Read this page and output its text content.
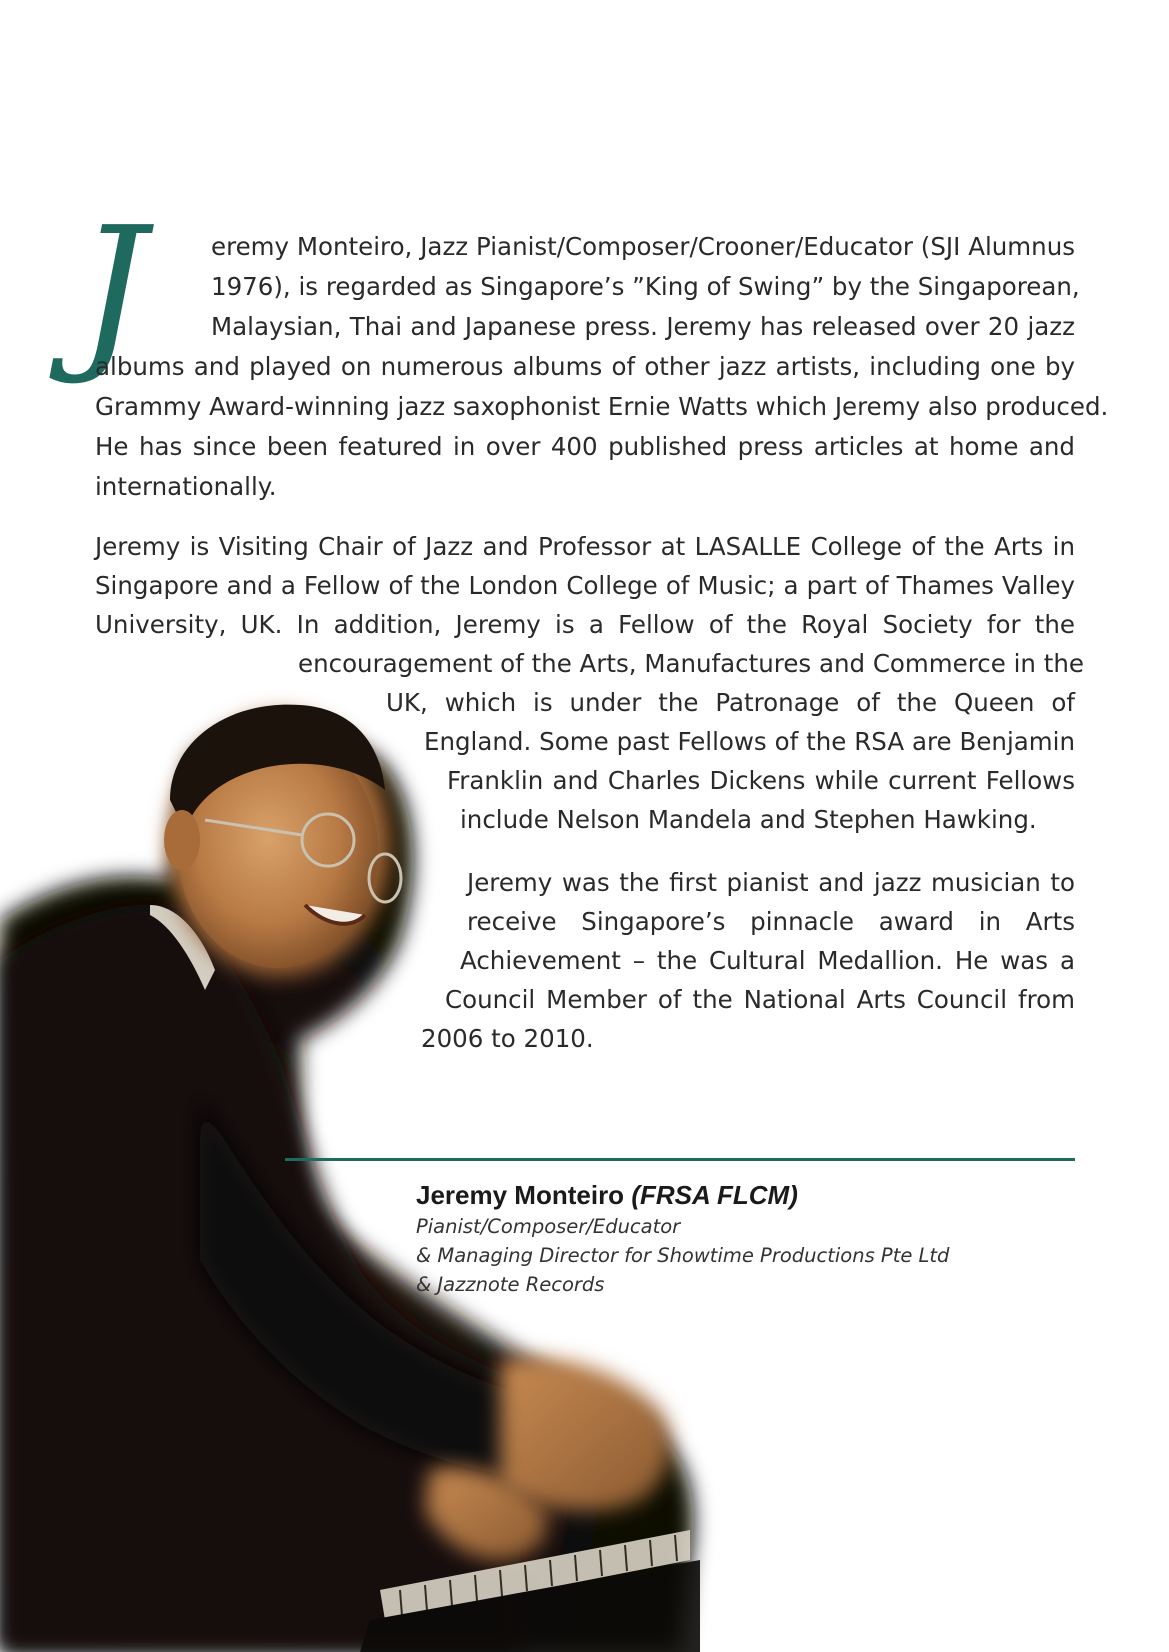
J	eremy Monteiro, Jazz Pianist/Composer/Crooner/Educator (SJI Alumnus
1976), is regarded as Singapore’s ”King of Swing” by the Singaporean,
Malaysian, Thai and Japanese press. Jeremy has released over 20 jazz
albums and played on numerous albums of other jazz artists, including one by
Grammy Award-winning jazz saxophonist Ernie Watts which Jeremy also produced.
He has since been featured in over 400 published press articles at home and
internationally.
Jeremy is Visiting Chair of Jazz and Professor at LASALLE College of the Arts in
Singapore and a Fellow of the London College of Music; a part of Thames Valley
University, UK. In addition, Jeremy is a Fellow of the Royal Society for the
encouragement of the Arts, Manufactures and Commerce in the
UK, which is under the Patronage of the Queen of
England. Some past Fellows of the RSA are Benjamin
Franklin and Charles Dickens while current Fellows
include Nelson Mandela and Stephen Hawking.
Jeremy was the first pianist and jazz musician to
receive Singapore’s pinnacle award in Arts
Achievement – the Cultural Medallion. He was a
Council Member of the National Arts Council from
2006 to 2010.
Jeremy Monteiro (FRSA FLCM)
Pianist/Composer/Educator
& Managing Director for Showtime Productions Pte Ltd
& Jazznote Records
